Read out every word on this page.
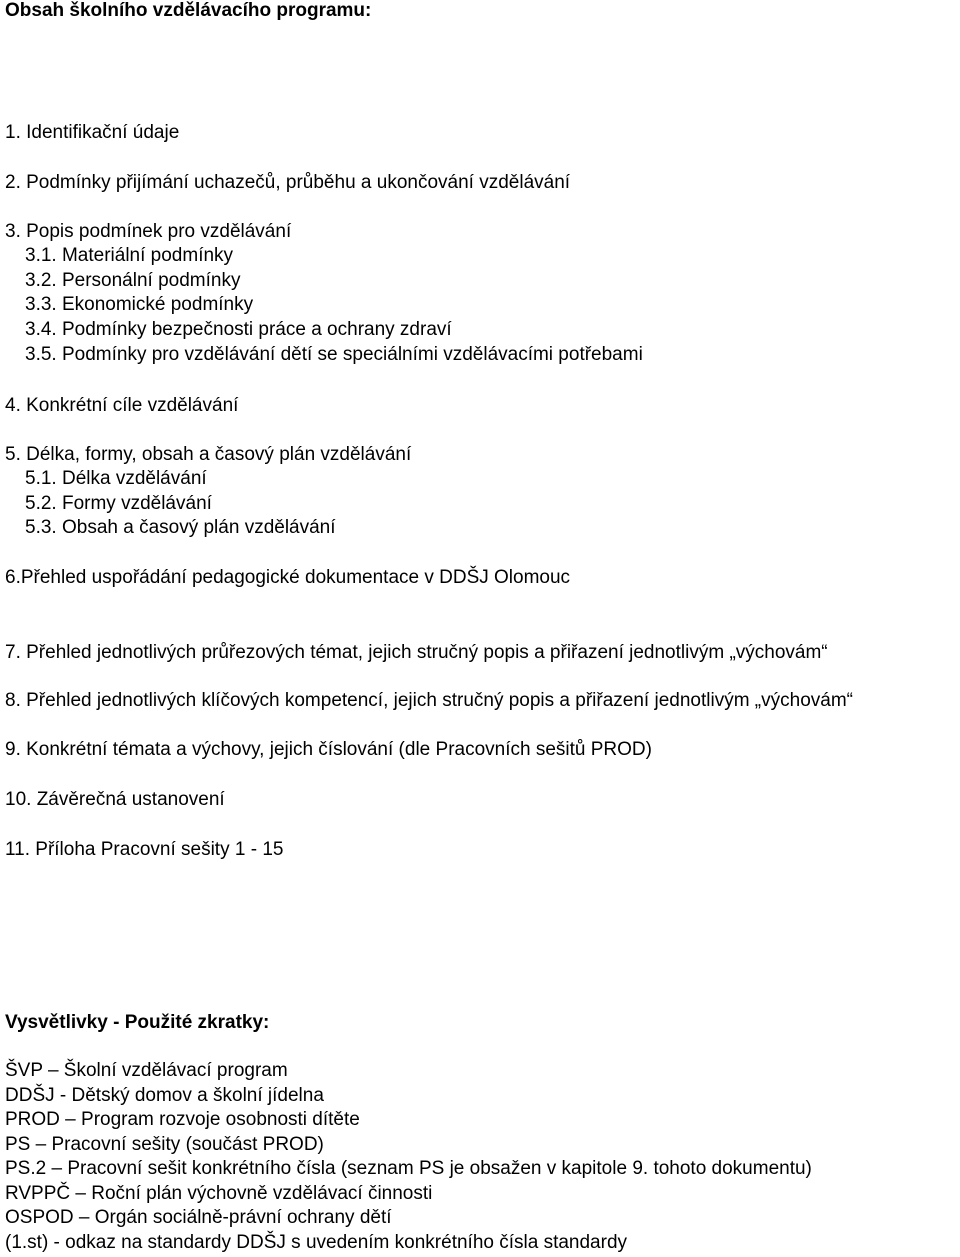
Obsah školního vzdělávacího programu:
1. Identifikační údaje
2. Podmínky přijímání uchazečů, průběhu a ukončování vzdělávání
3. Popis podmínek pro vzdělávání
3.1. Materiální podmínky
3.2. Personální podmínky
3.3. Ekonomické podmínky
3.4. Podmínky bezpečnosti práce a ochrany zdraví
3.5. Podmínky pro vzdělávání dětí se speciálními vzdělávacími potřebami
4. Konkrétní cíle vzdělávání
5. Délka, formy, obsah a časový plán vzdělávání
5.1. Délka vzdělávání
5.2. Formy vzdělávání
5.3. Obsah a časový plán vzdělávání
6.Přehled uspořádání pedagogické dokumentace v DDŠJ Olomouc
7. Přehled jednotlivých průřezových témat, jejich stručný popis a přiřazení jednotlivým „výchovám“
8. Přehled jednotlivých klíčových kompetencí, jejich stručný popis a přiřazení jednotlivým „výchovám“
9. Konkrétní témata a výchovy, jejich číslování (dle Pracovních sešitů PROD)
10. Závěrečná ustanovení
11. Příloha Pracovní sešity 1 - 15
Vysvětlivky - Použité zkratky:
ŠVP – Školní vzdělávací program
DDŠJ - Dětský domov a školní jídelna
PROD – Program rozvoje osobnosti dítěte
PS – Pracovní sešity (součást PROD)
PS.2 – Pracovní sešit konkrétního čísla (seznam PS je obsažen v kapitole 9. tohoto dokumentu)
RVPPČ – Roční plán výchovně vzdělávací činnosti
OSPOD – Orgán sociálně-právní ochrany dětí
(1.st) - odkaz na standardy DDŠJ s uvedením konkrétního čísla standardy
